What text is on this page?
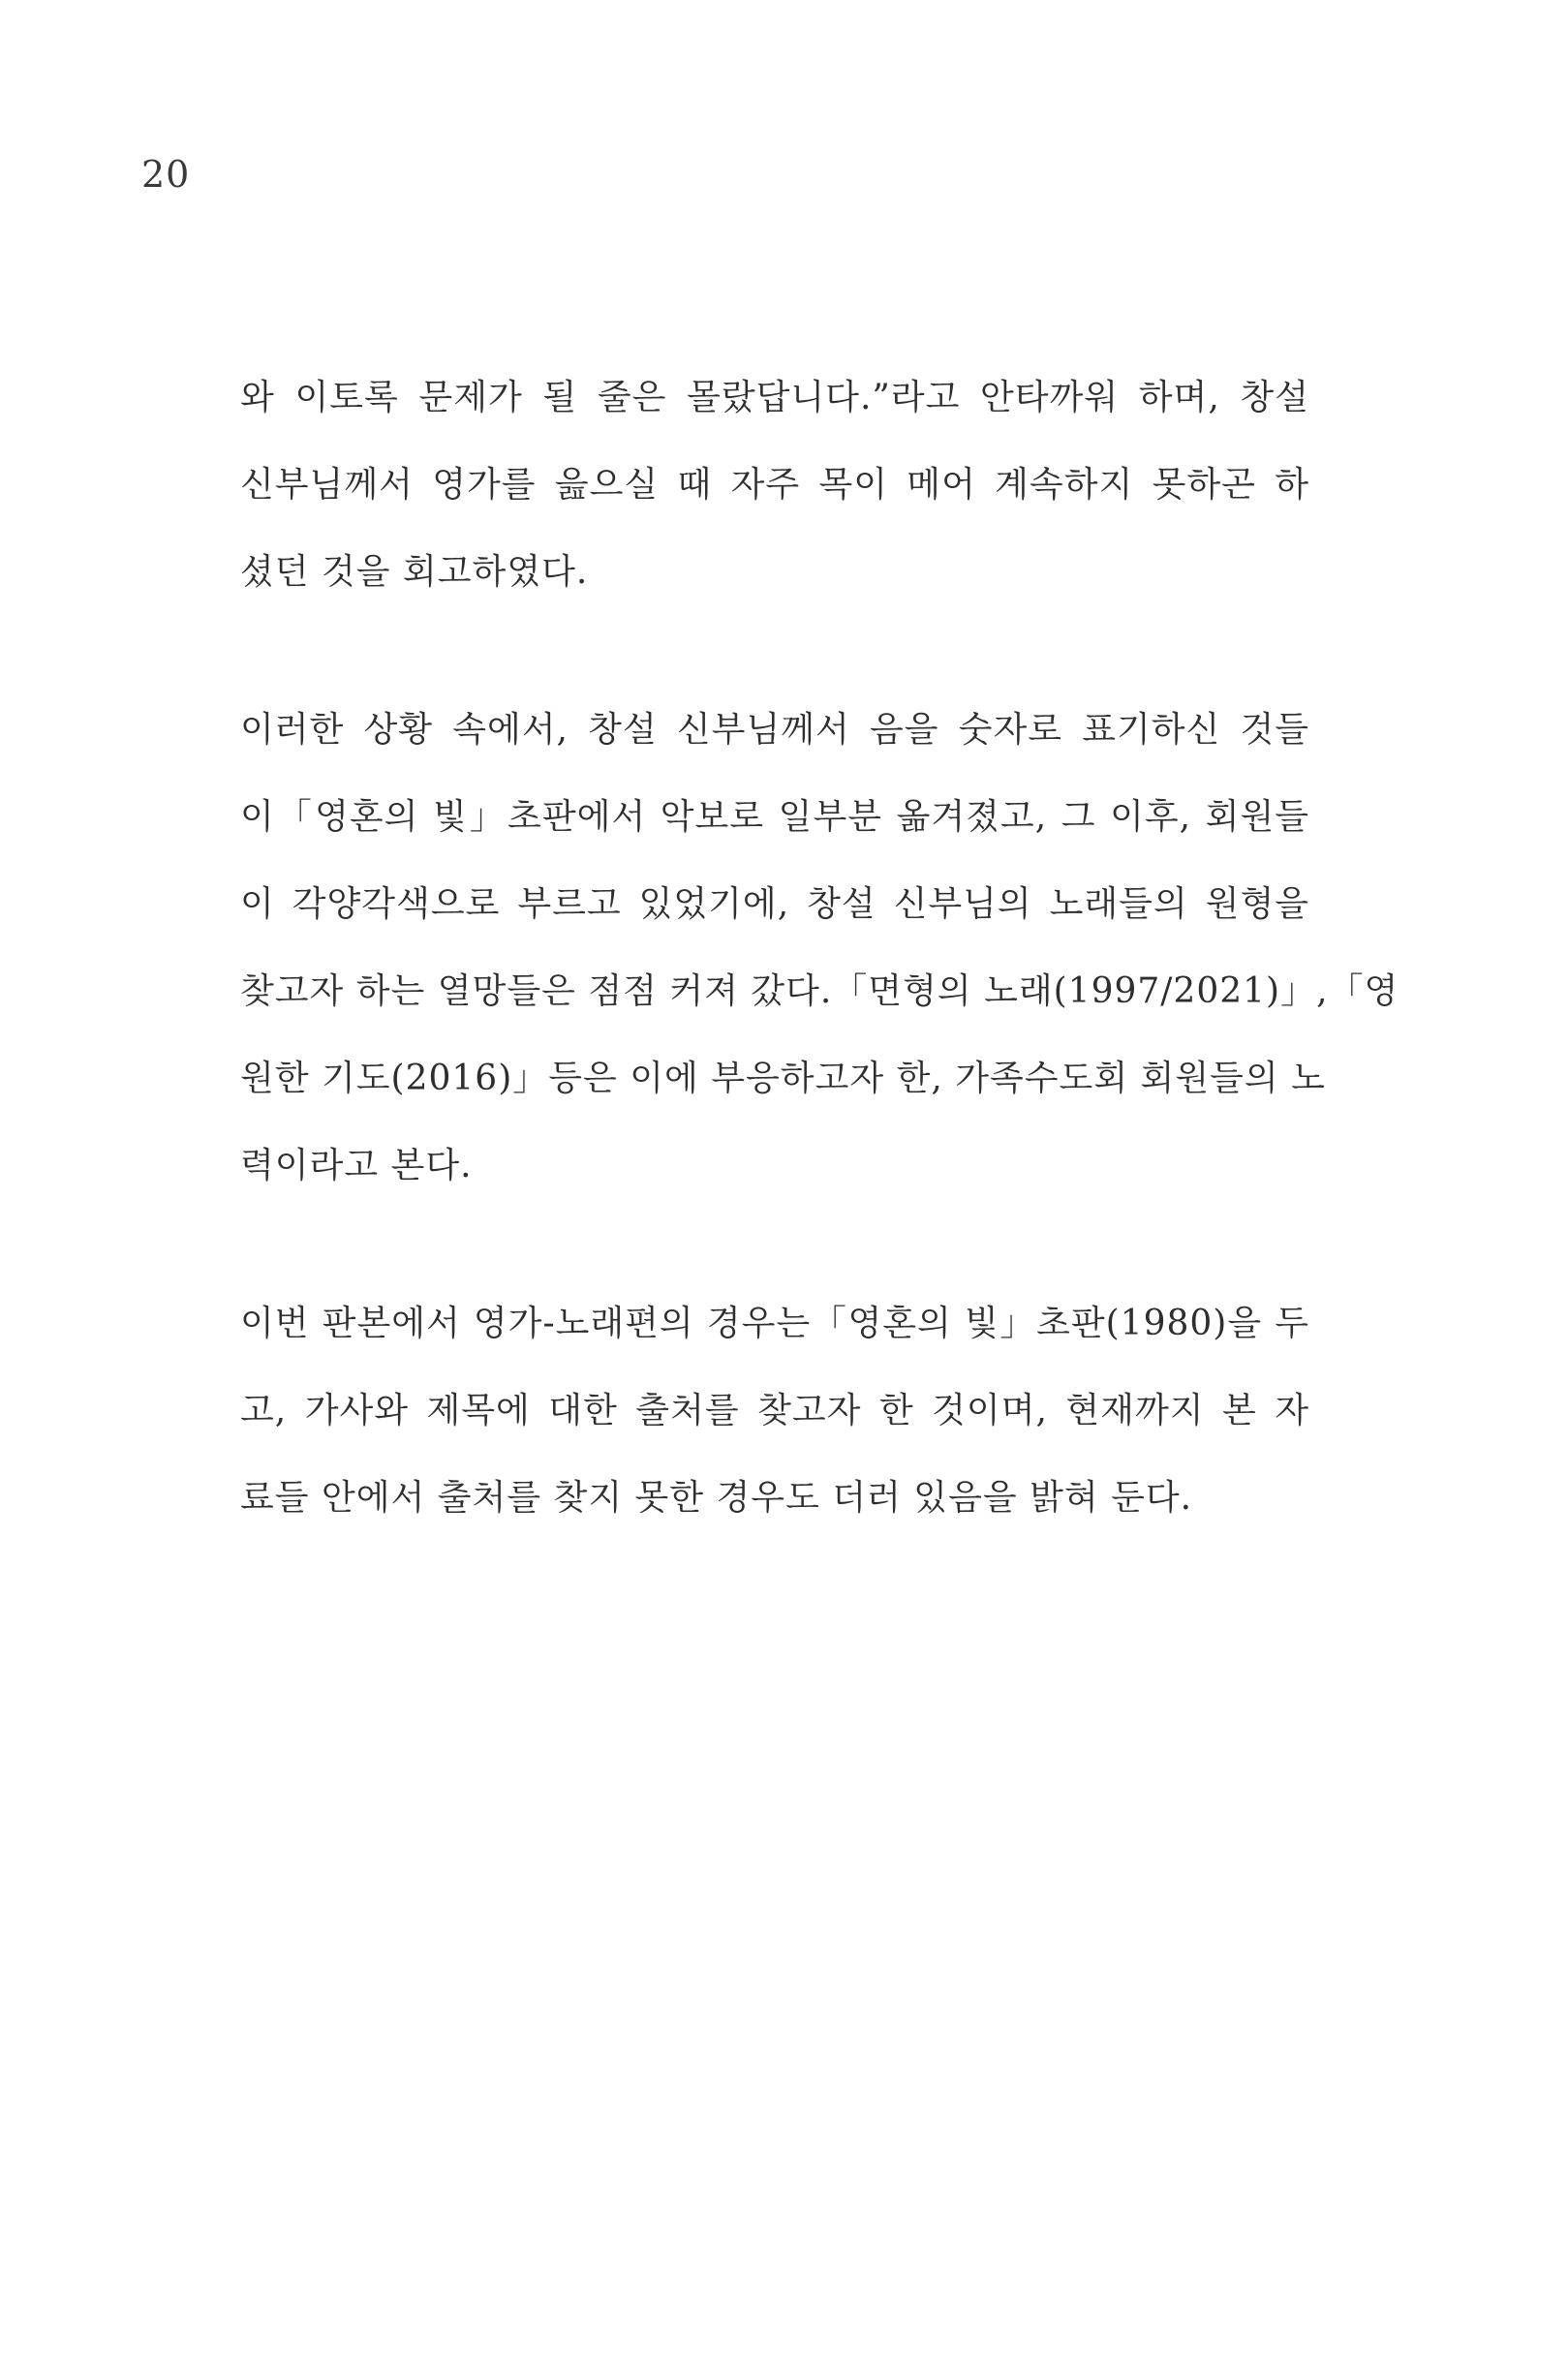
20
와 이토록 문제가 될 줄은 몰랐답니다.”라고 안타까워 하며, 창설
신부님께서 영가를 읊으실 때 자주 목이 메어 계속하지 못하곤 하
셨던 것을 회고하였다.
이러한 상황 속에서, 창설 신부님께서 음을 숫자로 표기하신 것들
이「영혼의 빛」초판에서 악보로 일부분 옮겨졌고, 그 이후, 회원들
이 각양각색으로 부르고 있었기에, 창설 신부님의 노래들의 원형을
찾고자 하는 열망들은 점점 커져 갔다.「면형의 노래(1997/2021)」,「영
원한 기도(2016)」등은 이에 부응하고자 한, 가족수도회 회원들의 노
력이라고 본다.
이번 판본에서 영가-노래편의 경우는「영혼의 빛」초판(1980)을 두
고, 가사와 제목에 대한 출처를 찾고자 한 것이며, 현재까지 본 자
료들 안에서 출처를 찾지 못한 경우도 더러 있음을 밝혀 둔다.
